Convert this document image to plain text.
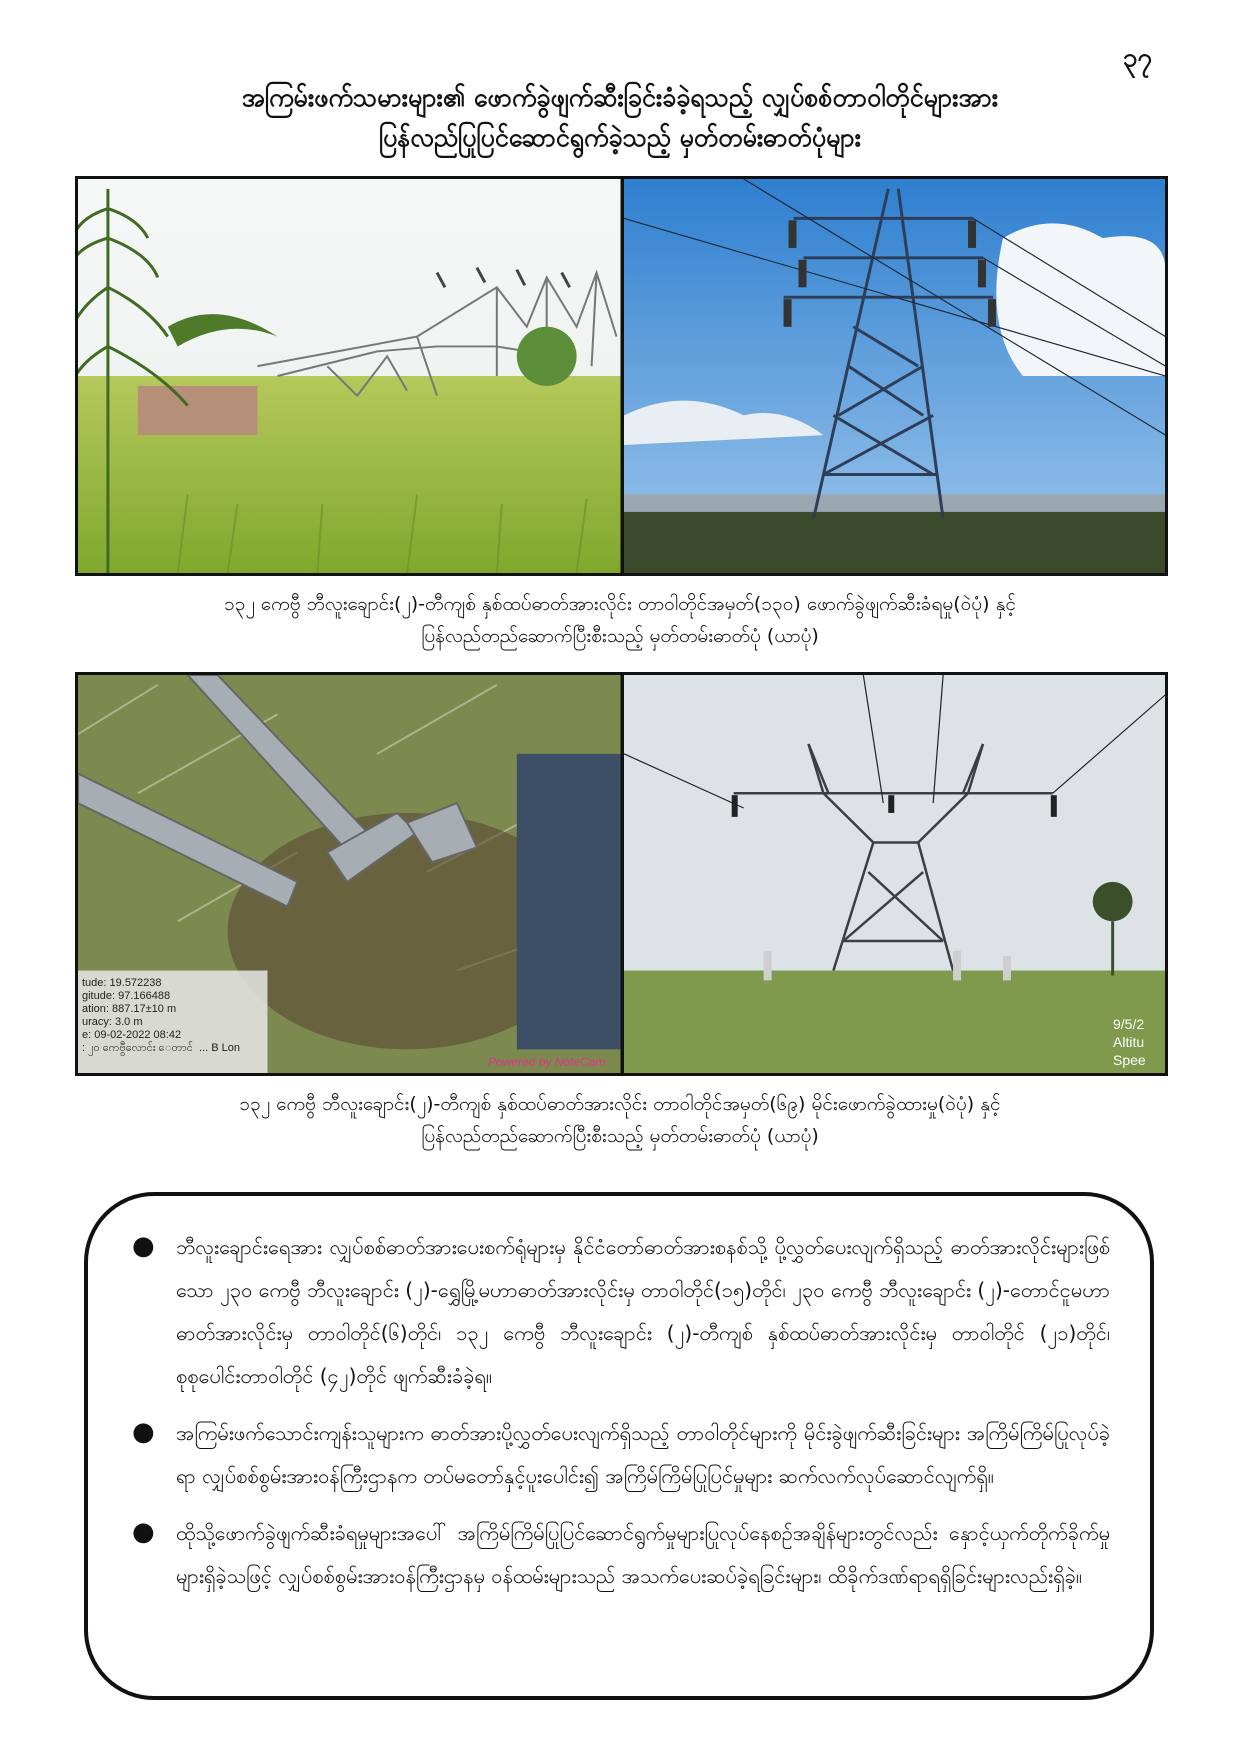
၃၇
အကြမ်းဖက်သမားများ၏ ဖောက်ခွဲဖျက်ဆီးခြင်းခံခဲ့ရသည့် လျှပ်စစ်တာဝါတိုင်များအား
ပြန်လည်ပြုပြင်ဆောင်ရွက်ခဲ့သည့် မှတ်တမ်းဓာတ်ပုံများ
၁၃၂ ကေဗွီ ဘီလူးချောင်း(၂)-တီကျစ် နှစ်ထပ်ဓာတ်အားလိုင်း တာဝါတိုင်အမှတ်(၁၃၀) ဖောက်ခွဲဖျက်ဆီးခံရမှု(ဝဲပုံ) နှင့်
ပြန်လည်တည်ဆောက်ပြီးစီးသည့် မှတ်တမ်းဓာတ်ပုံ (ယာပုံ)
tude: 19.572238
gitude: 97.166488
ation: 887.17±10 m
uracy: 3.0 m
e: 09-02-2022 08:42
: ၂၀ ကေဗွီလောင်း ‌ေတာင် ‌ ... B Lon
Powered by NoteCam
9/5/2
Altitu
Spee
၁၃၂ ကေဗွီ ဘီလူးချောင်း(၂)-တီကျစ် နှစ်ထပ်ဓာတ်အားလိုင်း တာဝါတိုင်အမှတ်(၆၉) မိုင်းဖောက်ခွဲထားမှု(ဝဲပုံ) နှင့်
ပြန်လည်တည်ဆောက်ပြီးစီးသည့် မှတ်တမ်းဓာတ်ပုံ (ယာပုံ)
●	ဘီလူးချောင်းရေအား လျှပ်စစ်ဓာတ်အားပေးစက်ရုံများမှ နိုင်ငံတော်ဓာတ်အားစနစ်သို့ ပို့လွှတ်ပေးလျက်ရှိသည့် ဓာတ်အားလိုင်းများဖြစ်သော ၂၃၀ ကေဗွီ ဘီလူးချောင်း (၂)-ရွှေမြို့မဟာဓာတ်အားလိုင်းမှ တာဝါတိုင်(၁၅)တိုင်၊ ၂၃၀ ကေဗွီ ဘီလူးချောင်း (၂)-တောင်ငူမဟာဓာတ်အားလိုင်းမှ တာဝါတိုင်(၆)တိုင်၊ ၁၃၂ ကေဗွီ ဘီလူးချောင်း (၂)-တီကျစ် နှစ်ထပ်ဓာတ်အားလိုင်းမှ တာဝါတိုင် (၂၁)တိုင်၊ စုစုပေါင်းတာဝါတိုင် (၄၂)တိုင် ဖျက်ဆီးခံခဲ့ရ။
●	အကြမ်းဖက်သောင်းကျန်းသူများက ဓာတ်အားပို့လွှတ်ပေးလျက်ရှိသည့် တာဝါတိုင်များကို မိုင်းခွဲဖျက်ဆီးခြင်းများ အကြိမ်ကြိမ်ပြုလုပ်ခဲ့ရာ လျှပ်စစ်စွမ်းအားဝန်ကြီးဌာနက တပ်မတော်နှင့်ပူးပေါင်း၍ အကြိမ်ကြိမ်ပြုပြင်မှုများ ဆက်လက်လုပ်ဆောင်လျက်ရှိ။
●	ထိုသို့ဖောက်ခွဲဖျက်ဆီးခံရမှုများအပေါ် အကြိမ်ကြိမ်ပြုပြင်ဆောင်ရွက်မှုများပြုလုပ်နေစဉ်အချိန်များတွင်လည်း နှောင့်ယှက်တိုက်ခိုက်မှုများရှိခဲ့သဖြင့် လျှပ်စစ်စွမ်းအားဝန်ကြီးဌာနမှ ဝန်ထမ်းများသည် အသက်ပေးဆပ်ခဲ့ရခြင်းများ၊ ထိခိုက်ဒဏ်ရာရရှိခြင်းများလည်းရှိခဲ့။
